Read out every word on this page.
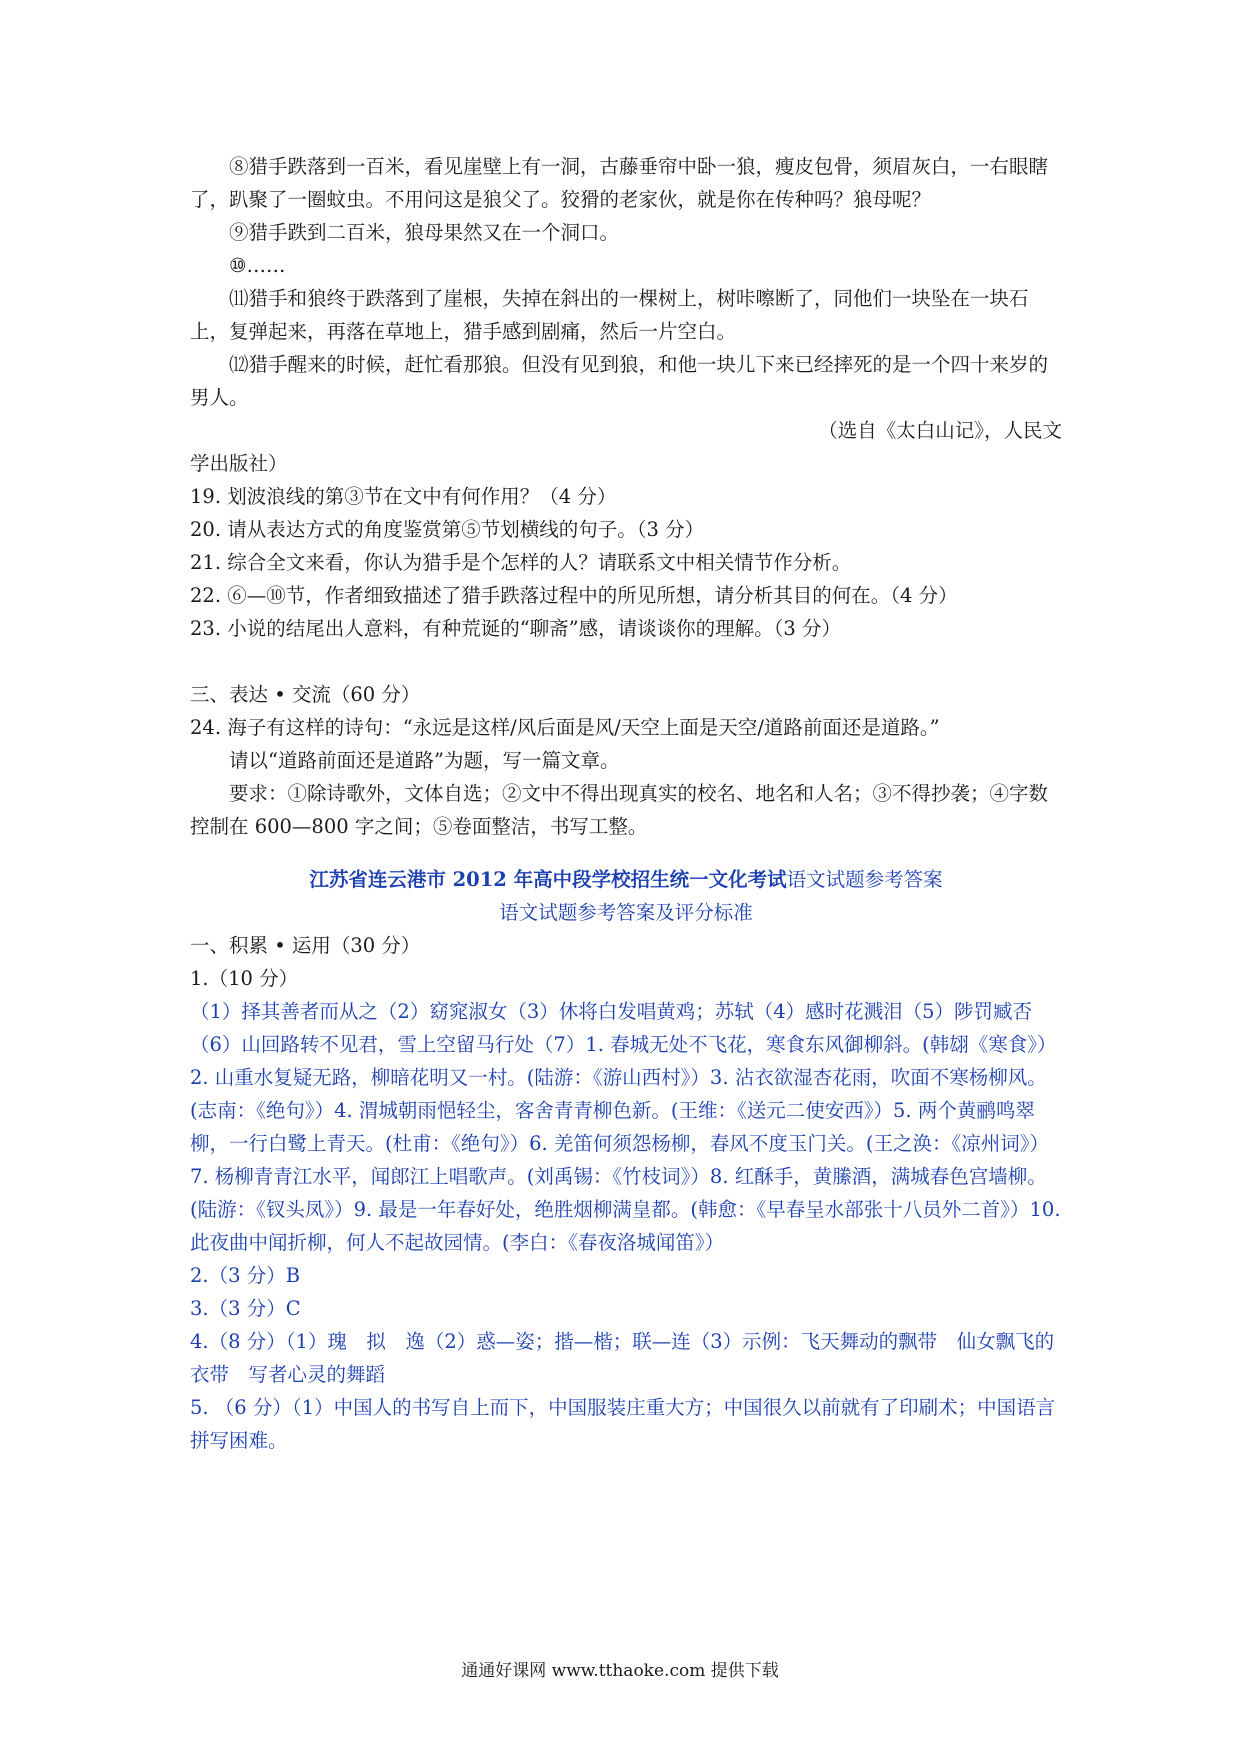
⑧猎手跌落到一百米，看见崖壁上有一洞，古藤垂帘中卧一狼，瘦皮包骨，须眉灰白，一右眼瞎了，趴聚了一圈蚊虫。不用问这是狼父了。狡猾的老家伙，就是你在传种吗？狼母呢？

⑨猎手跌到二百米，狼母果然又在一个洞口。

⑩……

⑾猎手和狼终于跌落到了崖根，失掉在斜出的一棵树上，树咔嚓断了，同他们一块坠在一块石上，复弹起来，再落在草地上，猎手感到剧痛，然后一片空白。

⑿猎手醒来的时候，赶忙看那狼。但没有见到狼，和他一块儿下来已经摔死的是一个四十来岁的男人。

（选自《太白山记》，人民文

学出版社）

19. 划波浪线的第③节在文中有何作用？（4 分）

20. 请从表达方式的角度鉴赏第⑤节划横线的句子。（3 分）

21. 综合全文来看，你认为猎手是个怎样的人？请联系文中相关情节作分析。

22. ⑥—⑩节，作者细致描述了猎手跌落过程中的所见所想，请分析其目的何在。（4 分）

23. 小说的结尾出人意料，有种荒诞的“聊斋”感，请谈谈你的理解。（3 分）

三、表达 • 交流（60 分）

24. 海子有这样的诗句：“永远是这样/风后面是风/天空上面是天空/道路前面还是道路。”

请以“道路前面还是道路”为题，写一篇文章。

要求：①除诗歌外，文体自选；②文中不得出现真实的校名、地名和人名；③不得抄袭；④字数控制在 600—800 字之间；⑤卷面整洁，书写工整。

江苏省连云港市 2012 年高中段学校招生统一文化考试语文试题参考答案

语文试题参考答案及评分标准

一、积累 • 运用（30 分）

1.（10 分）

（1）择其善者而从之（2）窈窕淑女（3）休将白发唱黄鸡；苏轼（4）感时花溅泪（5）陟罚臧否（6）山回路转不见君，雪上空留马行处（7）1. 春城无处不飞花，寒食东风御柳斜。(韩翃《寒食》）2. 山重水复疑无路，柳暗花明又一村。(陆游：《游山西村》）3. 沾衣欲湿杏花雨，吹面不寒杨柳风。(志南：《绝句》）4. 渭城朝雨悒轻尘，客舍青青柳色新。(王维：《送元二使安西》）5. 两个黄鹂鸣翠柳，一行白鹭上青天。(杜甫：《绝句》）6. 羌笛何须怨杨柳，春风不度玉门关。(王之涣：《凉州词》）7. 杨柳青青江水平，闻郎江上唱歌声。(刘禹锡：《竹枝词》）8. 红酥手，黄縢酒，满城春色宫墙柳。(陆游：《钗头凤》）9. 最是一年春好处，绝胜烟柳满皇都。(韩愈：《早春呈水部张十八员外二首》）10. 此夜曲中闻折柳，何人不起故园情。(李白：《春夜洛城闻笛》）

2.（3 分）B

3.（3 分）C

4.（8 分）（1）瑰　拟　逸（2）惑—姿；揩—楷；联—连（3）示例：飞天舞动的飘带　仙女飘飞的衣带　写者心灵的舞蹈

5. （6 分）（1）中国人的书写自上而下，中国服装庄重大方；中国很久以前就有了印刷术；中国语言拼写困难。

通通好课网 www.tthaoke.com 提供下载
